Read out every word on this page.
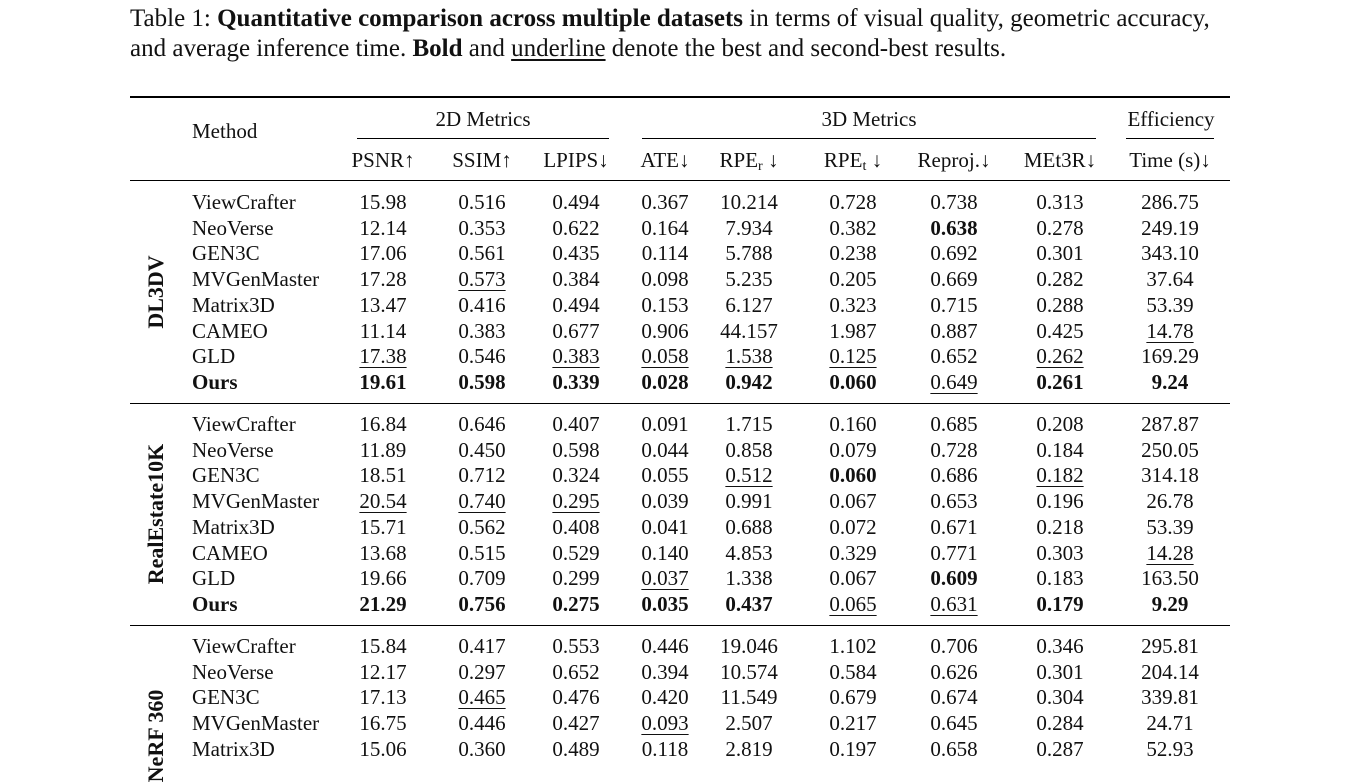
Table 1: Quantitative comparison across multiple datasets in terms of visual quality, geometric accuracy, and average inference time. Bold and underline denote the best and second-best results.
Method	2D Metrics	3D Metrics	Efficiency
PSNR↑ SSIM↑ LPIPS↓ ATE↓ $RPE_r$ ↓ $RPE_t$ ↓ Reproj.↓ MEt3R↓ Time (s)↓
DL3DV
ViewCrafter	15.98 0.516 0.494 0.367 10.214 0.728	0.738	0.313	286.75
NeoVerse	12.14 0.353 0.622 0.164 7.934	0.382	0.638	0.278	249.19
GEN3C	17.06 0.561 0.435 0.114 5.788	0.238	0.692	0.301	343.10
MVGenMaster 17.28 0.573 0.384 0.098 5.235	0.205	0.669	0.282	37.64
Matrix3D	13.47 0.416 0.494 0.153 6.127	0.323	0.715	0.288	53.39
CAMEO	11.14 0.383 0.677 0.906 44.157 1.987	0.887	0.425	14.78
GLD	17.38 0.546 0.383 0.058 1.538	0.125	0.652	0.262	169.29
Ours	19.61 0.598 0.339 0.028 0.942	0.060	0.649	0.261	9.24
RealEstate10K
ViewCrafter	16.84 0.646 0.407 0.091 1.715	0.160	0.685	0.208	287.87
NeoVerse	11.89 0.450 0.598 0.044 0.858	0.079	0.728	0.184	250.05
GEN3C	18.51 0.712 0.324 0.055 0.512	0.060	0.686	0.182	314.18
MVGenMaster 20.54 0.740 0.295 0.039 0.991	0.067	0.653	0.196	26.78
Matrix3D	15.71 0.562 0.408 0.041 0.688	0.072	0.671	0.218	53.39
CAMEO	13.68 0.515 0.529 0.140 4.853	0.329	0.771	0.303	14.28
GLD	19.66 0.709 0.299 0.037 1.338	0.067	0.609	0.183	163.50
Ours	21.29 0.756 0.275 0.035 0.437	0.065	0.631	0.179	9.29
NeRF 360
ViewCrafter	15.84 0.417 0.553 0.446 19.046 1.102	0.706	0.346	295.81
NeoVerse	12.17 0.297 0.652 0.394 10.574 0.584	0.626	0.301	204.14
GEN3C	17.13 0.465 0.476 0.420 11.549 0.679	0.674	0.304	339.81
MVGenMaster 16.75 0.446 0.427 0.093 2.507	0.217	0.645	0.284	24.71
Matrix3D	15.06 0.360 0.489 0.118 2.819	0.197	0.658	0.287	52.93
